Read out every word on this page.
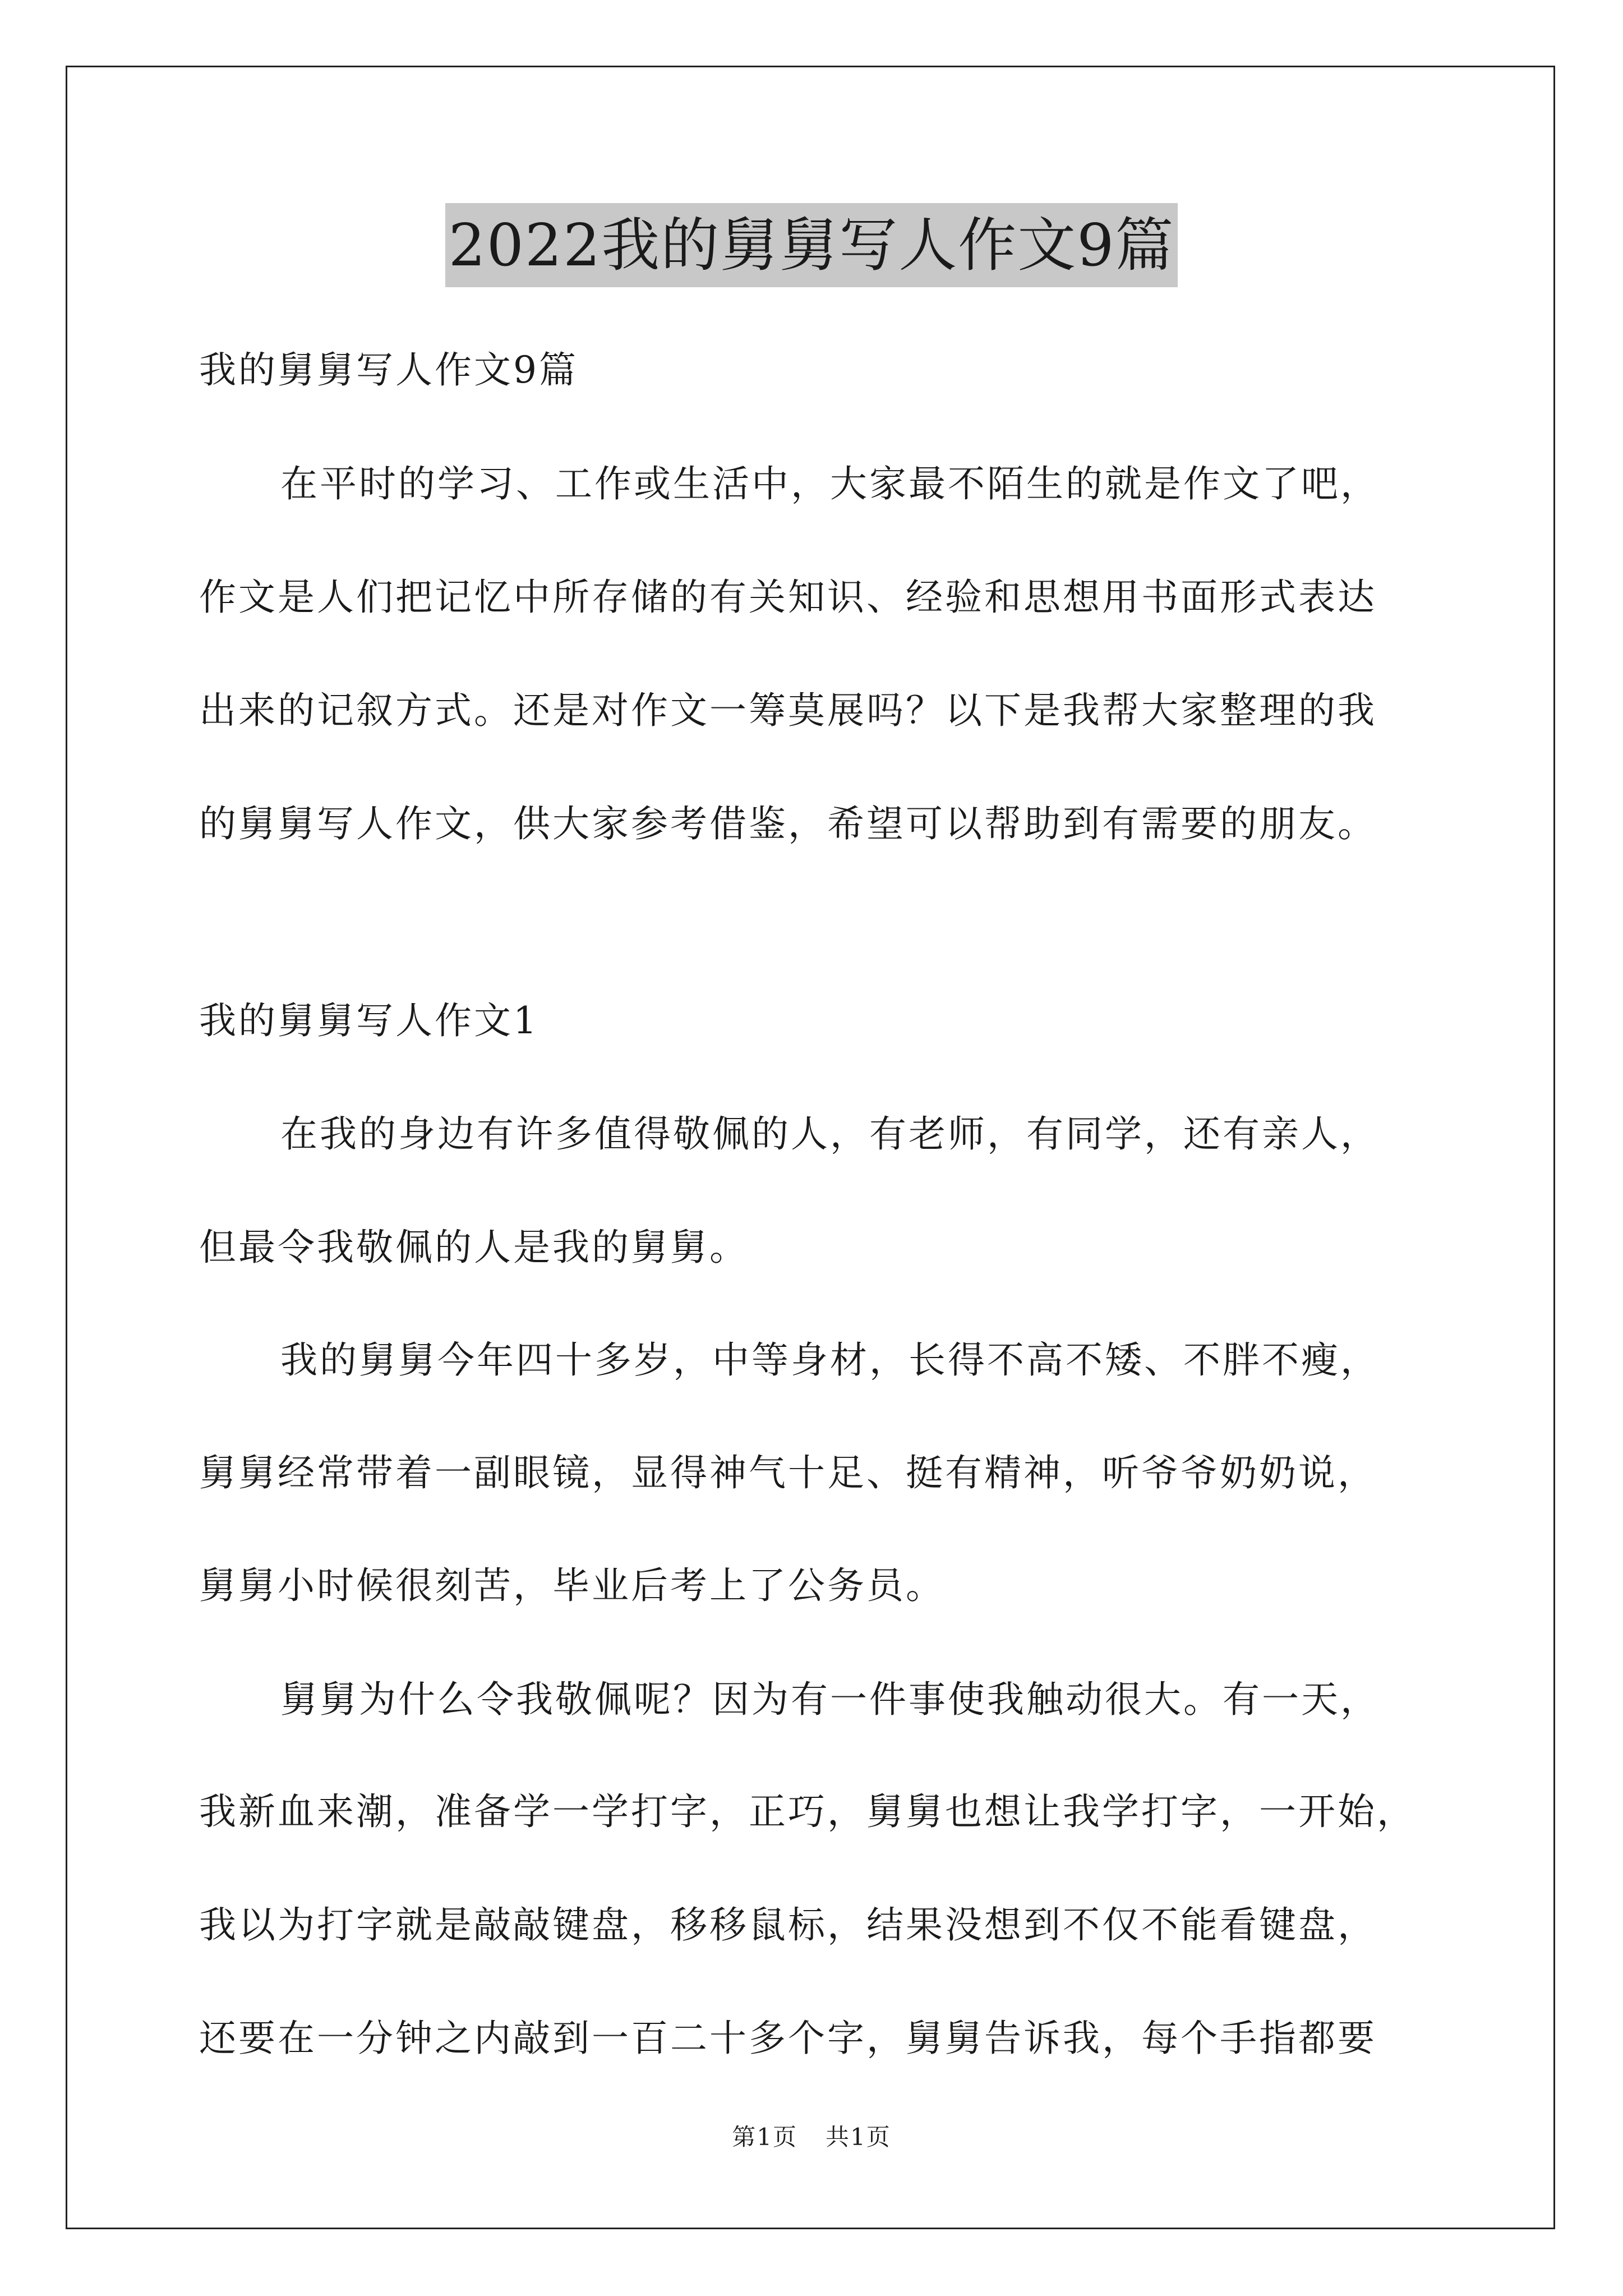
2022我的舅舅写人作文9篇
我的舅舅写人作文9篇
在平时的学习、工作或生活中，大家最不陌生的就是作文了吧，
作文是人们把记忆中所存储的有关知识、经验和思想用书面形式表达
出来的记叙方式。还是对作文一筹莫展吗？以下是我帮大家整理的我
的舅舅写人作文，供大家参考借鉴，希望可以帮助到有需要的朋友。
我的舅舅写人作文1
在我的身边有许多值得敬佩的人，有老师，有同学，还有亲人，
但最令我敬佩的人是我的舅舅。
我的舅舅今年四十多岁，中等身材，长得不高不矮、不胖不瘦，
舅舅经常带着一副眼镜，显得神气十足、挺有精神，听爷爷奶奶说，
舅舅小时候很刻苦，毕业后考上了公务员。
舅舅为什么令我敬佩呢？因为有一件事使我触动很大。有一天，
我新血来潮，准备学一学打字，正巧，舅舅也想让我学打字，一开始，
我以为打字就是敲敲键盘，移移鼠标，结果没想到不仅不能看键盘，
还要在一分钟之内敲到一百二十多个字，舅舅告诉我，每个手指都要
第1页 共1页
